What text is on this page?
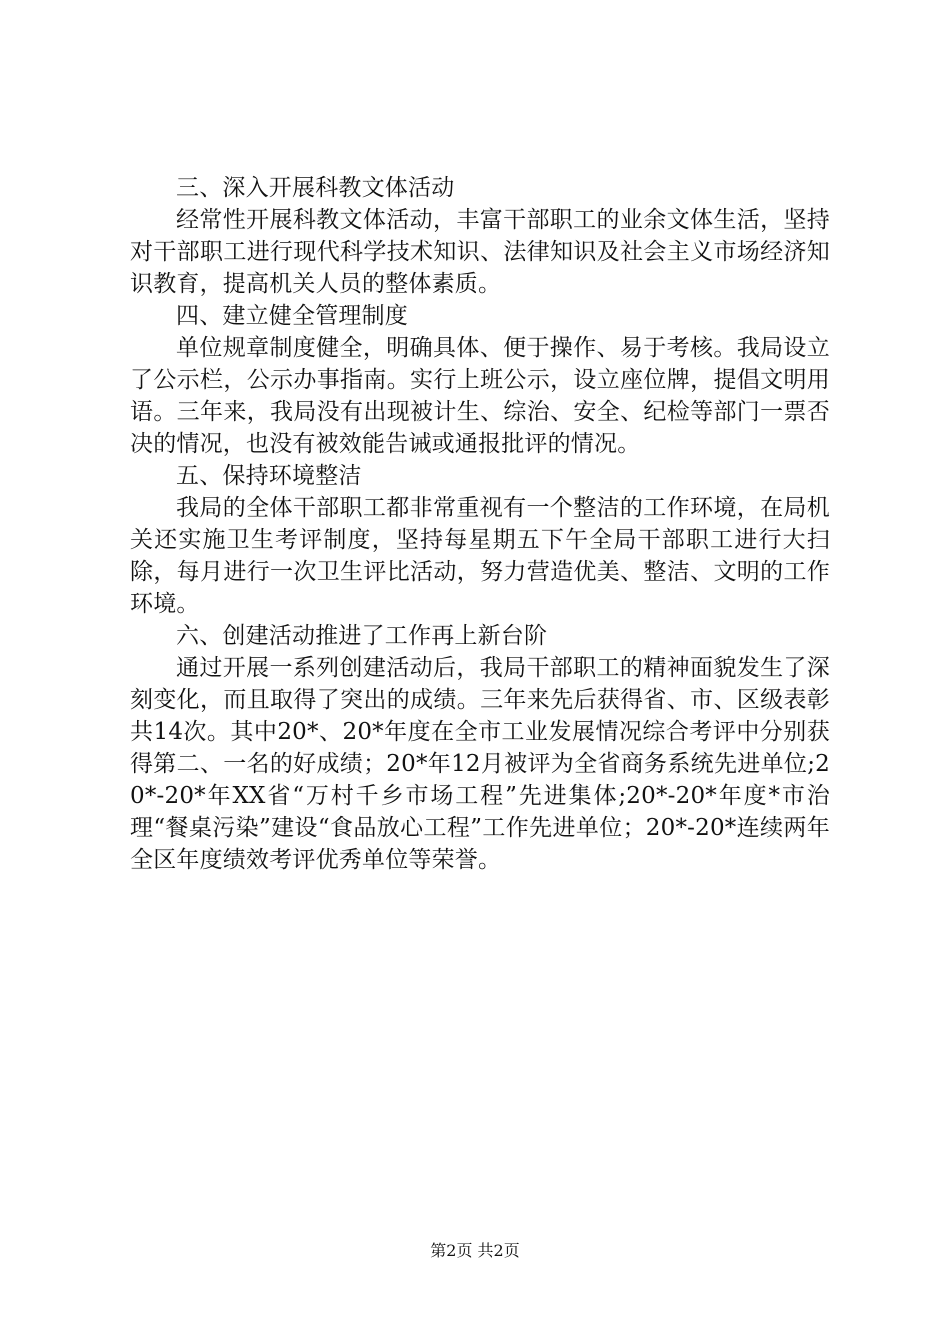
三、深入开展科教文体活动

经常性开展科教文体活动，丰富干部职工的业余文体生活，坚持对干部职工进行现代科学技术知识、法律知识及社会主义市场经济知识教育，提高机关人员的整体素质。

四、建立健全管理制度

单位规章制度健全，明确具体、便于操作、易于考核。我局设立了公示栏，公示办事指南。实行上班公示，设立座位牌，提倡文明用语。三年来，我局没有出现被计生、综治、安全、纪检等部门一票否决的情况，也没有被效能告诫或通报批评的情况。

五、保持环境整洁

我局的全体干部职工都非常重视有一个整洁的工作环境，在局机关还实施卫生考评制度，坚持每星期五下午全局干部职工进行大扫除，每月进行一次卫生评比活动，努力营造优美、整洁、文明的工作环境。

六、创建活动推进了工作再上新台阶

通过开展一系列创建活动后，我局干部职工的精神面貌发生了深刻变化，而且取得了突出的成绩。三年来先后获得省、市、区级表彰共14次。其中20*、20*年度在全市工业发展情况综合考评中分别获得第二、一名的好成绩；20*年12月被评为全省商务系统先进单位;20*-20*年XX省“万村千乡市场工程”先进集体;20*-20*年度*市治理“餐桌污染”建设“食品放心工程”工作先进单位；20*-20*连续两年全区年度绩效考评优秀单位等荣誉。

第2页 共2页
